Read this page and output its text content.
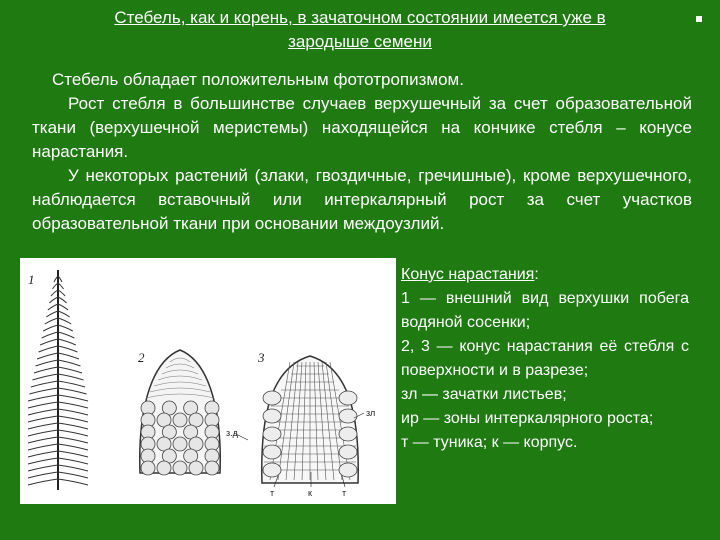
Стебель, как и корень, в зачаточном состоянии имеется уже в
зародыше семени

Стебель обладает положительным фототропизмом.

Рост стебля в большинстве случаев верхушечный за счет образовательной ткани (верхушечной меристемы) находящейся на кончике стебля – конусе нарастания.

У некоторых растений (злаки, гвоздичные, гречишные), кроме верхушечного, наблюдается вставочный или интеркалярный рост за счет участков образовательной ткани при основании междоузлий.

1
2	3
зл
з.д
т	к	т

Конус нарастания:

1 — внешний вид верхушки побега водяной сосенки;

2, 3 — конус нарастания её стебля с поверхности и в разрезе;

зл — зачатки листьев;

ир — зоны интеркалярного роста;

т — туника; к — корпус.
